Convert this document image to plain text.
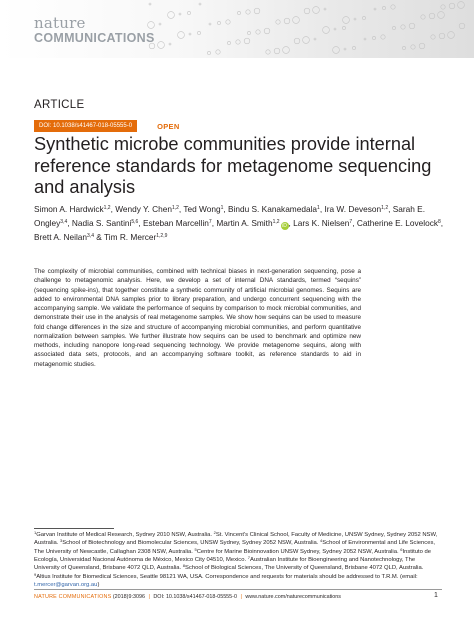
nature
COMMUNICATIONS
ARTICLE
DOI: 10.1038/s41467-018-05555-0	OPEN
Synthetic microbe communities provide internal reference standards for metagenome sequencing and analysis
Simon A. Hardwick$^{1,2}$, Wendy Y. Chen$^{1,2}$, Ted Wong$^1$, Bindu S. Kanakamedala$^1$, Ira W. Deveson$^{1,2}$, Sarah E. Ongley$^{3,4}$, Nadia S. Santini$^{5,6}$, Esteban Marcellin$^7$, Martin A. Smith$^{1,2}$iD , Lars K. Nielsen$^7$, Catherine E. Lovelock$^8$, Brett A. Neilan$^{3,4}$ & Tim R. Mercer$^{1,2,9}$
The complexity of microbial communities, combined with technical biases in next-generation sequencing, pose a challenge to metagenomic analysis. Here, we develop a set of internal DNA standards, termed “sequins” (sequencing spike-ins), that together constitute a synthetic community of artificial microbial genomes. Sequins are added to environmental DNA samples prior to library preparation, and undergo concurrent sequencing with the accompanying sample. We validate the performance of sequins by comparison to mock microbial communities, and demonstrate their use in the analysis of real metagenome samples. We show how sequins can be used to measure fold change differences in the size and structure of accompanying microbial communities, and perform quantitative normalization between samples. We further illustrate how sequins can be used to benchmark and optimize new methods, including nanopore long-read sequencing technology. We provide metagenome sequins, along with associated data sets, protocols, and an accompanying software toolkit, as reference standards to aid in metagenomic studies.
$^1$Garvan Institute of Medical Research, Sydney 2010 NSW, Australia. $^2$St. Vincent's Clinical School, Faculty of Medicine, UNSW Sydney, Sydney 2052 NSW, Australia. $^3$School of Biotechnology and Biomolecular Sciences, UNSW Sydney, Sydney 2052 NSW, Australia. $^4$School of Environmental and Life Sciences, The University of Newcastle, Callaghan 2308 NSW, Australia. $^5$Centre for Marine Bioinnovation UNSW Sydney, Sydney 2052 NSW, Australia. $^6$Instituto de Ecología, Universidad Nacional Autónoma de México, Mexico City 04510, Mexico. $^7$Australian Institute for Bioengineering and Nanotechnology, The University of Queensland, Brisbane 4072 QLD, Australia. $^8$School of Biological Sciences, The University of Queensland, Brisbane 4072 QLD, Australia. $^9$Altius Institute for Biomedical Sciences, Seattle 98121 WA, USA. Correspondence and requests for materials should be addressed to T.R.M. (email: t.mercer@garvan.org.au)
NATURE COMMUNICATIONS (2018)9:3096 | DOI: 10.1038/s41467-018-05555-0 | www.nature.com/naturecommunications	1
